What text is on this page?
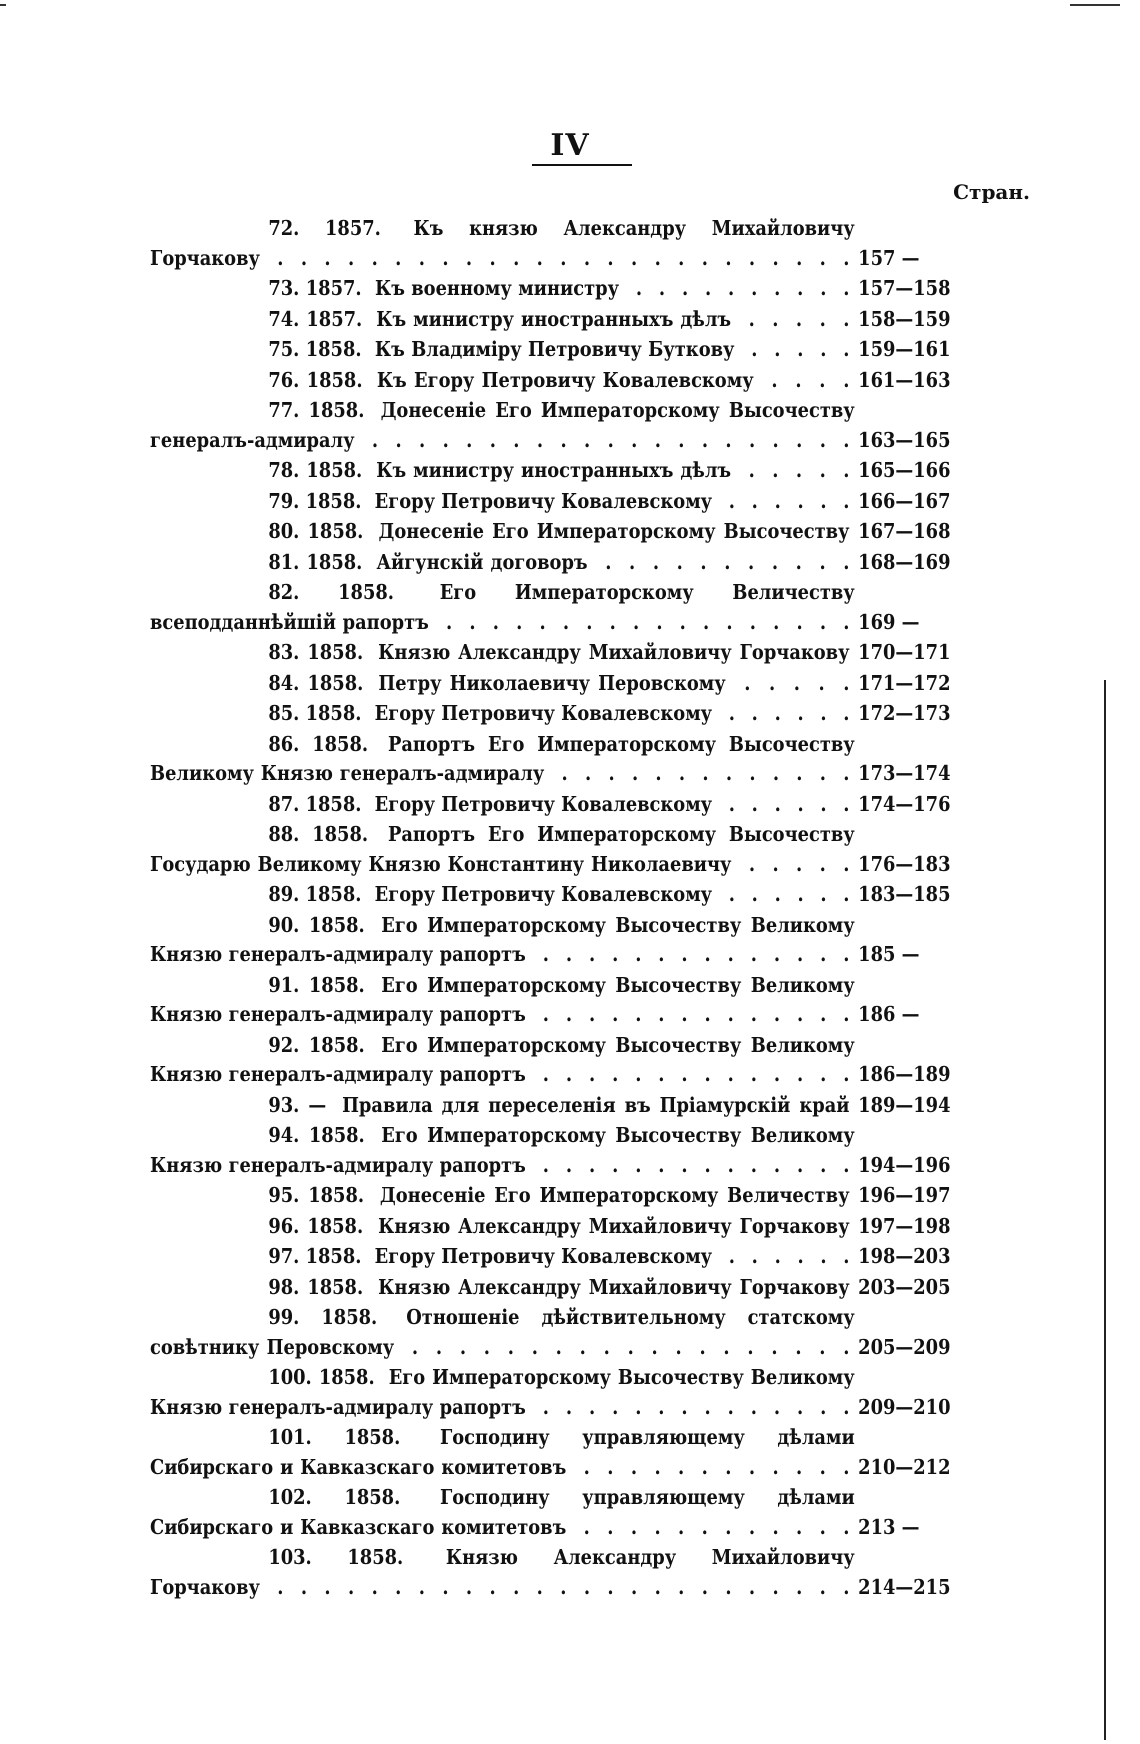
IV
Стран.
72. 1857. Къ князю Александру Михайловичу Горчакову . . .	157 —
73. 1857. Къ военному министру . . .	157—158
74. 1857. Къ министру иностранныхъ дѣлъ . . .	158—159
75. 1858. Къ Владиміру Петровичу Буткову . . .	159—161
76. 1858. Къ Егору Петровичу Ковалевскому . . .	161—163
77. 1858. Донесеніе Его Императорскому Высочеству генералъ-адмиралу . . .	163—165
78. 1858. Къ министру иностранныхъ дѣлъ . . .	165—166
79. 1858. Егору Петровичу Ковалевскому . . .	166—167
80. 1858. Донесеніе Его Императорскому Высочеству 167—168
81. 1858. Айгунскій договоръ . . .	168—169
82. 1858. Его Императорскому Величеству всеподданнѣйшій рапортъ . . .	169 —
83. 1858. Князю Александру Михайловичу Горчакову 170—171
84. 1858. Петру Николаевичу Перовскому . . .	171—172
85. 1858. Егору Петровичу Ковалевскому . . .	172—173
86. 1858. Рапортъ Его Императорскому Высочеству Великому Князю генералъ-адмиралу . . .	173—174
87. 1858. Егору Петровичу Ковалевскому . . .	174—176
88. 1858. Рапортъ Его Императорскому Высочеству Государю Великому Князю Константину Николаевичу . . .	176—183
89. 1858. Егору Петровичу Ковалевскому . . .	183—185
90. 1858. Его Императорскому Высочеству Великому Князю генералъ-адмиралу рапортъ . . .	185 —
91. 1858. Его Императорскому Высочеству Великому Князю генералъ-адмиралу рапортъ . . .	186 —
92. 1858. Его Императорскому Высочеству Великому Князю генералъ-адмиралу рапортъ . . .	186—189
93. — Правила для переселенія въ Пріамурскій край 189—194
94. 1858. Его Императорскому Высочеству Великому Князю генералъ-адмиралу рапортъ . . .	194—196
95. 1858. Донесеніе Его Императорскому Величеству 196—197
96. 1858. Князю Александру Михайловичу Горчакову 197—198
97. 1858. Егору Петровичу Ковалевскому . . .	198—203
98. 1858. Князю Александру Михайловичу Горчакову 203—205
99. 1858. Отношеніе дѣйствительному статскому совѣтнику Перовскому . . .	205—209
100. 1858. Его Императорскому Высочеству Великому Князю генералъ-адмиралу рапортъ . . .	209—210
101. 1858. Господину управляющему дѣлами Сибирскаго и Кавказскаго комитетовъ . . .	210—212
102. 1858. Господину управляющему дѣлами Сибирскаго и Кавказскаго комитетовъ . . .	213 —
103. 1858. Князю Александру Михайловичу Горчакову . . .	214—215
